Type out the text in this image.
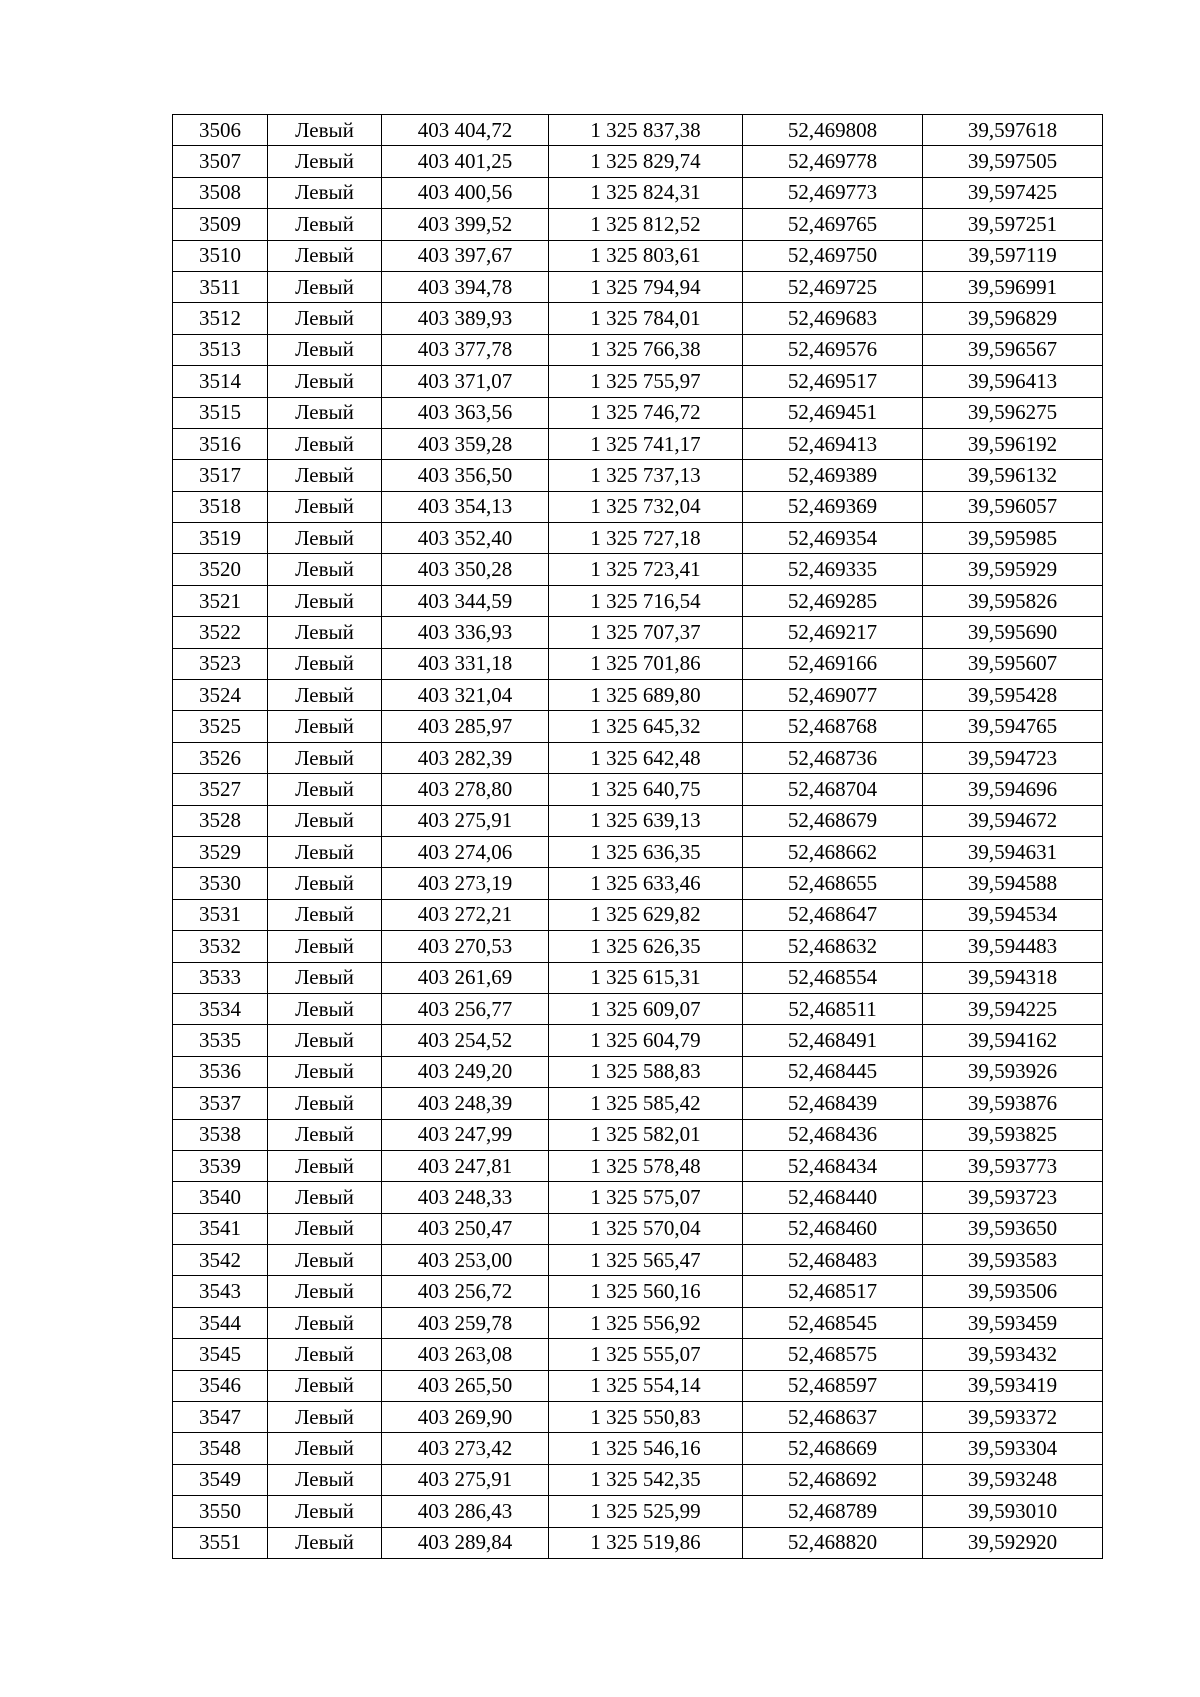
3506	Левый	403 404,72	1 325 837,38	52,469808	39,597618
3507	Левый	403 401,25	1 325 829,74	52,469778	39,597505
3508	Левый	403 400,56	1 325 824,31	52,469773	39,597425
3509	Левый	403 399,52	1 325 812,52	52,469765	39,597251
3510	Левый	403 397,67	1 325 803,61	52,469750	39,597119
3511	Левый	403 394,78	1 325 794,94	52,469725	39,596991
3512	Левый	403 389,93	1 325 784,01	52,469683	39,596829
3513	Левый	403 377,78	1 325 766,38	52,469576	39,596567
3514	Левый	403 371,07	1 325 755,97	52,469517	39,596413
3515	Левый	403 363,56	1 325 746,72	52,469451	39,596275
3516	Левый	403 359,28	1 325 741,17	52,469413	39,596192
3517	Левый	403 356,50	1 325 737,13	52,469389	39,596132
3518	Левый	403 354,13	1 325 732,04	52,469369	39,596057
3519	Левый	403 352,40	1 325 727,18	52,469354	39,595985
3520	Левый	403 350,28	1 325 723,41	52,469335	39,595929
3521	Левый	403 344,59	1 325 716,54	52,469285	39,595826
3522	Левый	403 336,93	1 325 707,37	52,469217	39,595690
3523	Левый	403 331,18	1 325 701,86	52,469166	39,595607
3524	Левый	403 321,04	1 325 689,80	52,469077	39,595428
3525	Левый	403 285,97	1 325 645,32	52,468768	39,594765
3526	Левый	403 282,39	1 325 642,48	52,468736	39,594723
3527	Левый	403 278,80	1 325 640,75	52,468704	39,594696
3528	Левый	403 275,91	1 325 639,13	52,468679	39,594672
3529	Левый	403 274,06	1 325 636,35	52,468662	39,594631
3530	Левый	403 273,19	1 325 633,46	52,468655	39,594588
3531	Левый	403 272,21	1 325 629,82	52,468647	39,594534
3532	Левый	403 270,53	1 325 626,35	52,468632	39,594483
3533	Левый	403 261,69	1 325 615,31	52,468554	39,594318
3534	Левый	403 256,77	1 325 609,07	52,468511	39,594225
3535	Левый	403 254,52	1 325 604,79	52,468491	39,594162
3536	Левый	403 249,20	1 325 588,83	52,468445	39,593926
3537	Левый	403 248,39	1 325 585,42	52,468439	39,593876
3538	Левый	403 247,99	1 325 582,01	52,468436	39,593825
3539	Левый	403 247,81	1 325 578,48	52,468434	39,593773
3540	Левый	403 248,33	1 325 575,07	52,468440	39,593723
3541	Левый	403 250,47	1 325 570,04	52,468460	39,593650
3542	Левый	403 253,00	1 325 565,47	52,468483	39,593583
3543	Левый	403 256,72	1 325 560,16	52,468517	39,593506
3544	Левый	403 259,78	1 325 556,92	52,468545	39,593459
3545	Левый	403 263,08	1 325 555,07	52,468575	39,593432
3546	Левый	403 265,50	1 325 554,14	52,468597	39,593419
3547	Левый	403 269,90	1 325 550,83	52,468637	39,593372
3548	Левый	403 273,42	1 325 546,16	52,468669	39,593304
3549	Левый	403 275,91	1 325 542,35	52,468692	39,593248
3550	Левый	403 286,43	1 325 525,99	52,468789	39,593010
3551	Левый	403 289,84	1 325 519,86	52,468820	39,592920
